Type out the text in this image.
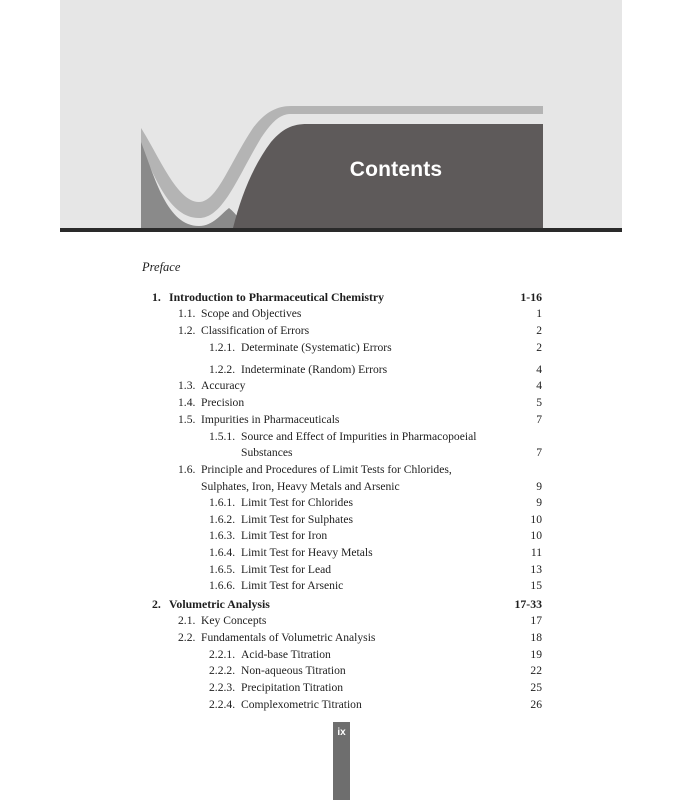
Contents
Preface
1. Introduction to Pharmaceutical Chemistry	1-16
1.1. Scope and Objectives	1
1.2. Classification of Errors	2
1.2.1. Determinate (Systematic) Errors	2
1.2.2. Indeterminate (Random) Errors	4
1.3. Accuracy	4
1.4. Precision	5
1.5. Impurities in Pharmaceuticals	7
1.5.1. Source and Effect of Impurities in Pharmacopoeial
Substances	7
1.6. Principle and Procedures of Limit Tests for Chlorides,
Sulphates, Iron, Heavy Metals and Arsenic	9
1.6.1. Limit Test for Chlorides	9
1.6.2. Limit Test for Sulphates	10
1.6.3. Limit Test for Iron	10
1.6.4. Limit Test for Heavy Metals	11
1.6.5. Limit Test for Lead	13
1.6.6. Limit Test for Arsenic	15
2. Volumetric Analysis	17-33
2.1. Key Concepts	17
2.2. Fundamentals of Volumetric Analysis	18
2.2.1. Acid-base Titration	19
2.2.2. Non-aqueous Titration	22
2.2.3. Precipitation Titration	25
2.2.4. Complexometric Titration	26
ix
